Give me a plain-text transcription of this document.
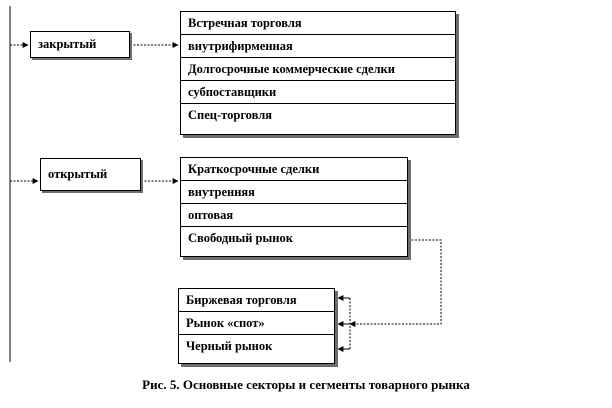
закрытый
Встречная торговля
внутрифирменная
Долгосрочные коммерческие сделки
субпоставщики
Спец-торговля
открытый	Краткосрочные сделки
внутренняя
оптовая
Свободный рынок
Биржевая торговля
Рынок «спот»
Черный рынок
Рис. 5. Основные секторы и сегменты товарного рынка
